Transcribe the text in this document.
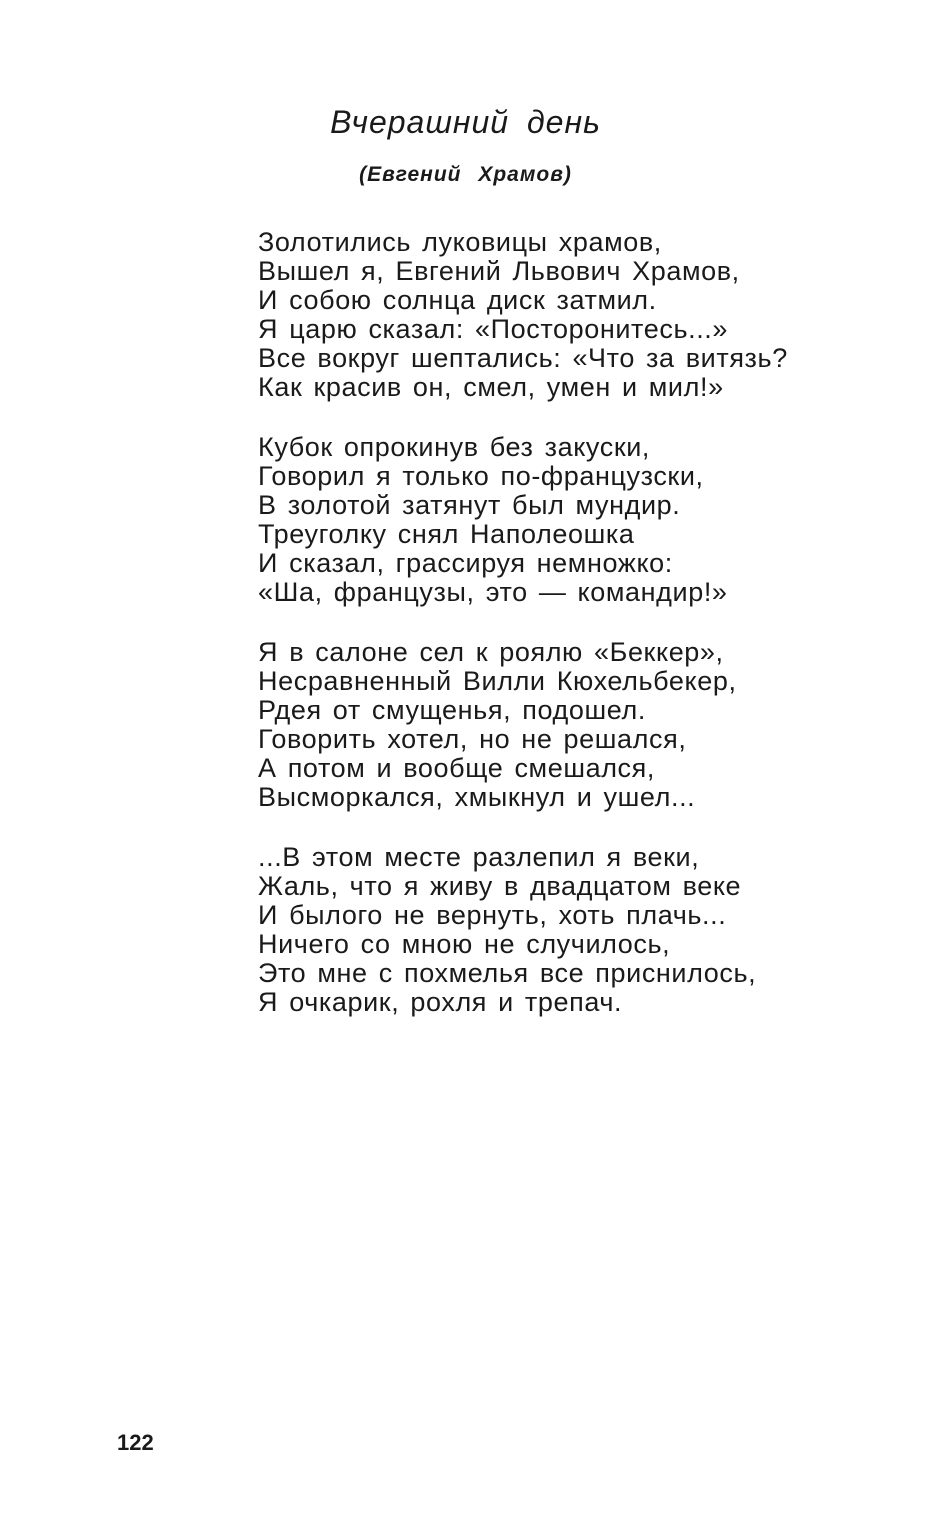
Вчерашний день
(Евгений Храмов)
Золотились луковицы храмов,
Вышел я, Евгений Львович Храмов,
И собою солнца диск затмил.
Я царю сказал: «Посторонитесь...»
Все вокруг шептались: «Что за витязь?
Как красив он, смел, умен и мил!»
Кубок опрокинув без закуски,
Говорил я только по-французски,
В золотой затянут был мундир.
Треуголку снял Наполеошка
И сказал, грассируя немножко:
«Ша, французы, это — командир!»
Я в салоне сел к роялю «Беккер»,
Несравненный Вилли Кюхельбекер,
Рдея от смущенья, подошел.
Говорить хотел, но не решался,
А потом и вообще смешался,
Высморкался, хмыкнул и ушел...
...В этом месте разлепил я веки,
Жаль, что я живу в двадцатом веке
И былого не вернуть, хоть плачь...
Ничего со мною не случилось,
Это мне с похмелья все приснилось,
Я очкарик, рохля и трепач.
122
